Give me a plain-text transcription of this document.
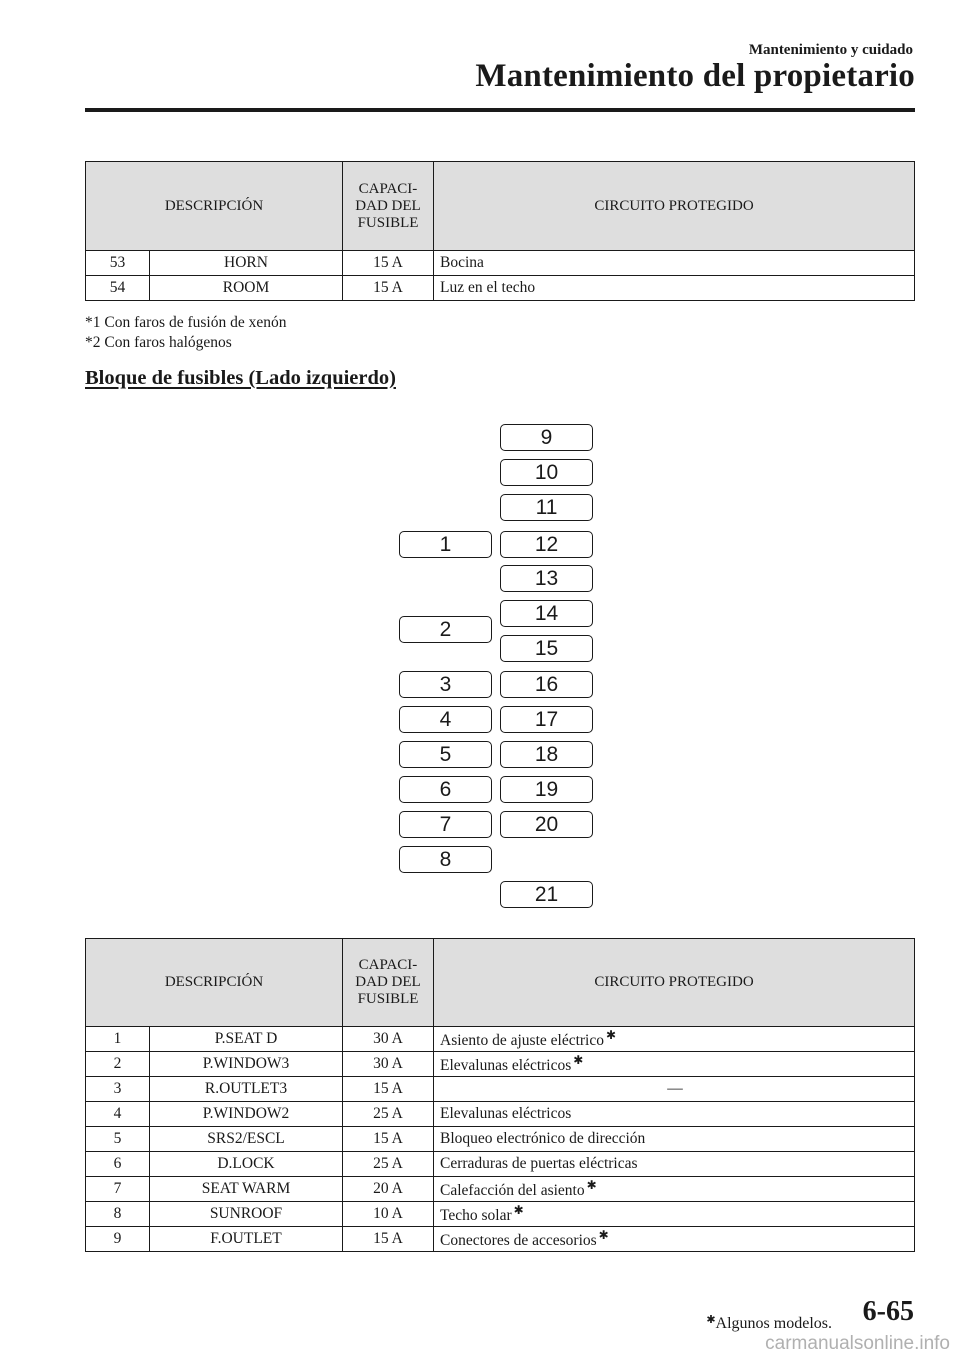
Mantenimiento y cuidado
Mantenimiento del propietario
DESCRIPCIÓN		CAPACI-
DAD DEL
FUSIBLE	CIRCUITO PROTEGIDO
53	HORN	15 A	Bocina
54	ROOM	15 A	Luz en el techo
*1 Con faros de fusión de xenón
*2 Con faros halógenos
Bloque de fusibles (Lado izquierdo)
1
2
3
4
5
6
7
8
9
10
11
12
13
14
15
16
17
18
19
20
21
DESCRIPCIÓN		CAPACI-
DAD DEL
FUSIBLE	CIRCUITO PROTEGIDO
1	P.SEAT D	30 A	Asiento de ajuste eléctrico ✱
2	P.WINDOW3	30 A	Elevalunas eléctricos ✱
3	R.OUTLET3	15 A	—
4	P.WINDOW2	25 A	Elevalunas eléctricos
5	SRS2/ESCL	15 A	Bloqueo electrónico de dirección
6	D.LOCK	25 A	Cerraduras de puertas eléctricas
7	SEAT WARM	20 A	Calefacción del asiento ✱
8	SUNROOF	10 A	Techo solar ✱
9	F.OUTLET	15 A	Conectores de accesorios ✱
✱Algunos modelos. 6-65
carmanualsonline.info
